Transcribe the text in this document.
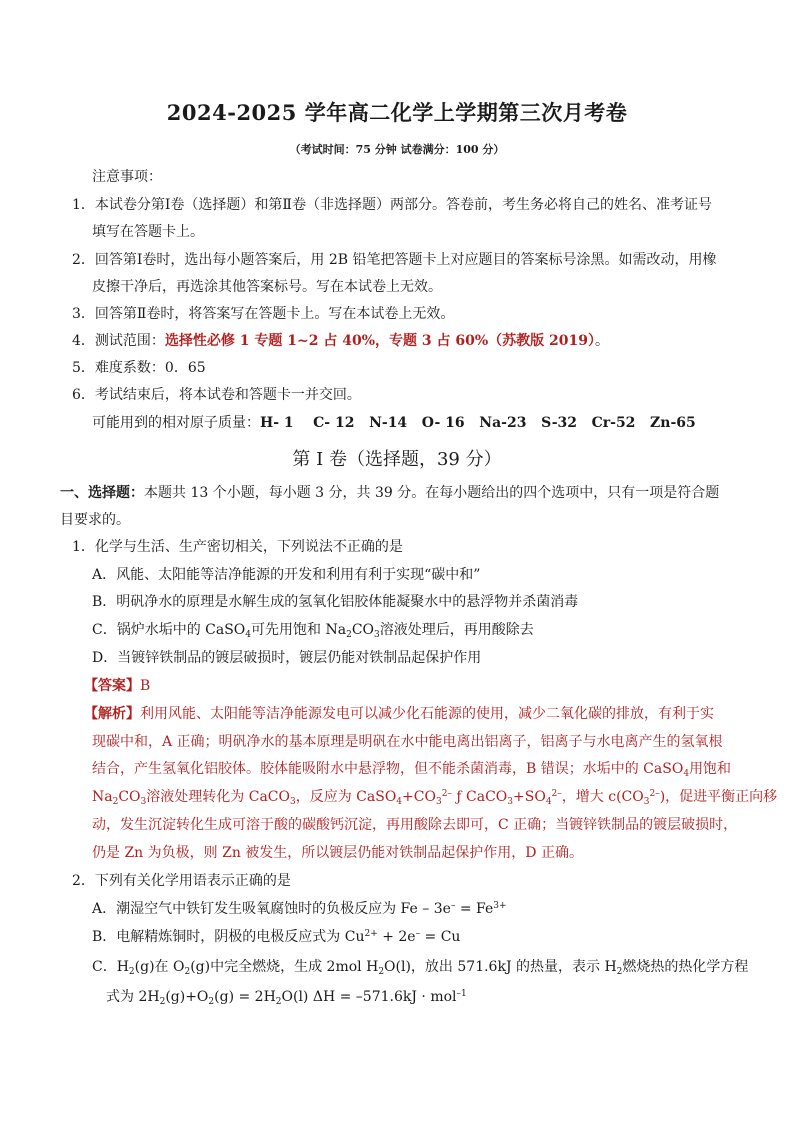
2024-2025 学年高二化学上学期第三次月考卷
（考试时间：75 分钟 试卷满分：100 分）
注意事项：
1．本试卷分第Ⅰ卷（选择题）和第Ⅱ卷（非选择题）两部分。答卷前，考生务必将自己的姓名、准考证号
填写在答题卡上。
2．回答第Ⅰ卷时，选出每小题答案后，用 2B 铅笔把答题卡上对应题目的答案标号涂黑。如需改动，用橡
皮擦干净后，再选涂其他答案标号。写在本试卷上无效。
3．回答第Ⅱ卷时，将答案写在答题卡上。写在本试卷上无效。
4．测试范围：选择性必修 1 专题 1~2 占 40%，专题 3 占 60%（苏教版 2019）。
5．难度系数：0．65
6．考试结束后，将本试卷和答题卡一并交回。
可能用到的相对原子质量：H- 1    C- 12   N-14   O- 16   Na-23   S-32   Cr-52   Zn-65
第 I 卷（选择题，39 分）
一、选择题：本题共 13 个小题，每小题 3 分，共 39 分。在每小题给出的四个选项中，只有一项是符合题
目要求的。
1．化学与生活、生产密切相关，下列说法不正确的是
A．风能、太阳能等洁净能源的开发和利用有利于实现“碳中和”
B．明矾净水的原理是水解生成的氢氧化铝胶体能凝聚水中的悬浮物并杀菌消毒
C．锅炉水垢中的 CaSO$_4$可先用饱和 $Na_2CO_3$溶液处理后，再用酸除去
D．当镀锌铁制品的镀层破损时，镀层仍能对铁制品起保护作用
【答案】B
【解析】利用风能、太阳能等洁净能源发电可以减少化石能源的使用，减少二氧化碳的排放，有利于实
现碳中和，A 正确；明矾净水的基本原理是明矾在水中能电离出铝离子，铝离子与水电离产生的氢氧根
结合，产生氢氧化铝胶体。胶体能吸附水中悬浮物，但不能杀菌消毒，B 错误；水垢中的 CaSO$_4$用饱和
$Na_2CO_3$溶液处理转化为 CaCO$_3$，反应为 $CaSO_4+CO_3^{2-}$ ƒ $CaCO_3+SO_4^{2-}$，增大 $c(CO_3^{2-})$，促进平衡正向移
动，发生沉淀转化生成可溶于酸的碳酸钙沉淀，再用酸除去即可，C 正确；当镀锌铁制品的镀层破损时，
仍是 Zn 为负极，则 Zn 被发生，所以镀层仍能对铁制品起保护作用，D 正确。
2．下列有关化学用语表示正确的是
A．潮湿空气中铁钉发生吸氧腐蚀时的负极反应为 $Fe - 3e^- = Fe^{3+}$
B．电解精炼铜时，阴极的电极反应式为 $Cu^{2+} + 2e^- = Cu$
C．$H_2(g)$在 $O_2(g)$中完全燃烧，生成 2mol $H_2O(l)$，放出 571.6kJ 的热量，表示 $H_2$燃烧热的热化学方程
式为 $2H_2(g)+O_2(g) = 2H_2O(l) \Delta H = -571.6kJ \cdot mol^{-1}$
